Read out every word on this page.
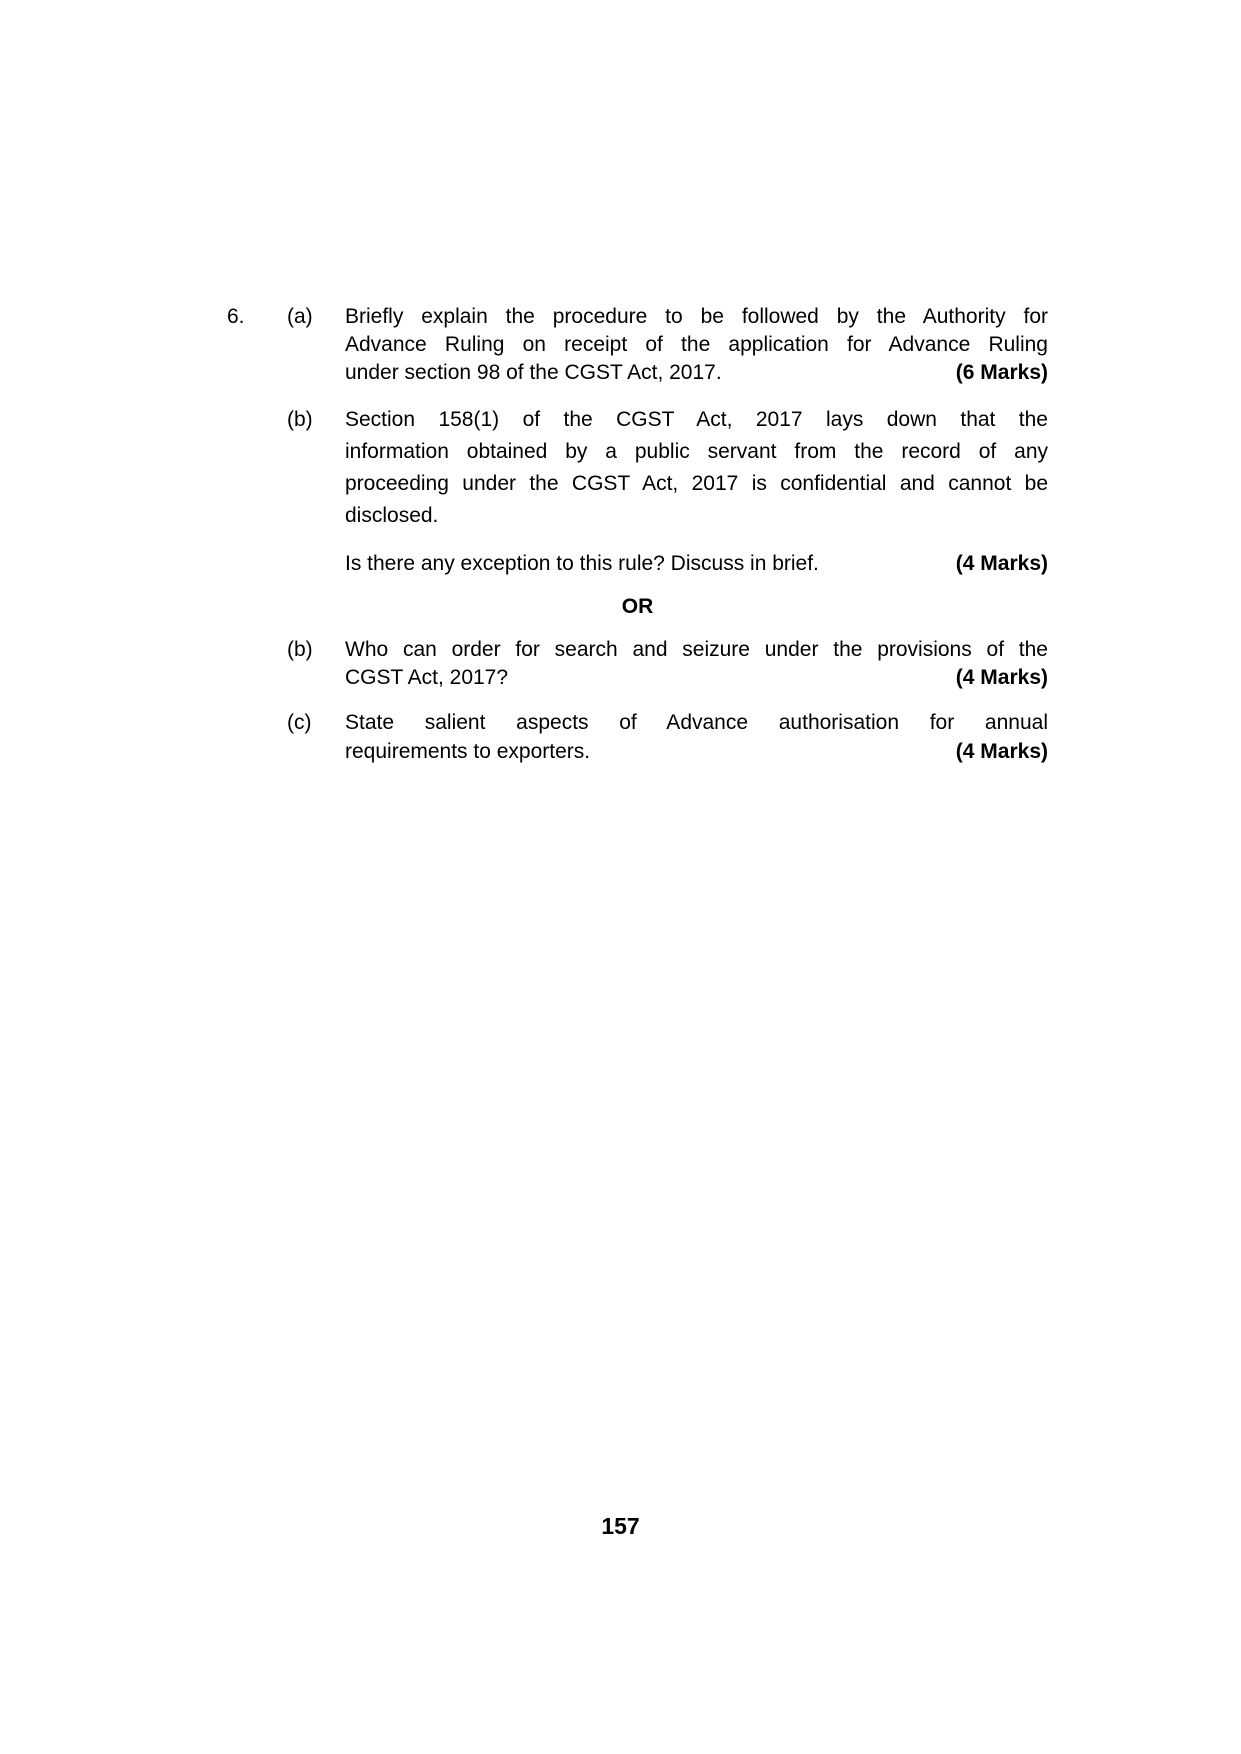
6.	(a)	Briefly explain the procedure to be followed by the Authority for
Advance Ruling on receipt of the application for Advance Ruling
under section 98 of the CGST Act, 2017.	(6 Marks)
(b)	Section 158(1) of the CGST Act, 2017 lays down that the
information obtained by a public servant from the record of any
proceeding under the CGST Act, 2017 is confidential and cannot be
disclosed.
Is there any exception to this rule? Discuss in brief.	(4 Marks)
OR
(b)	Who can order for search and seizure under the provisions of the
CGST Act, 2017?	(4 Marks)
(c)	State salient aspects of Advance authorisation for annual
requirements to exporters.	(4 Marks)
157
